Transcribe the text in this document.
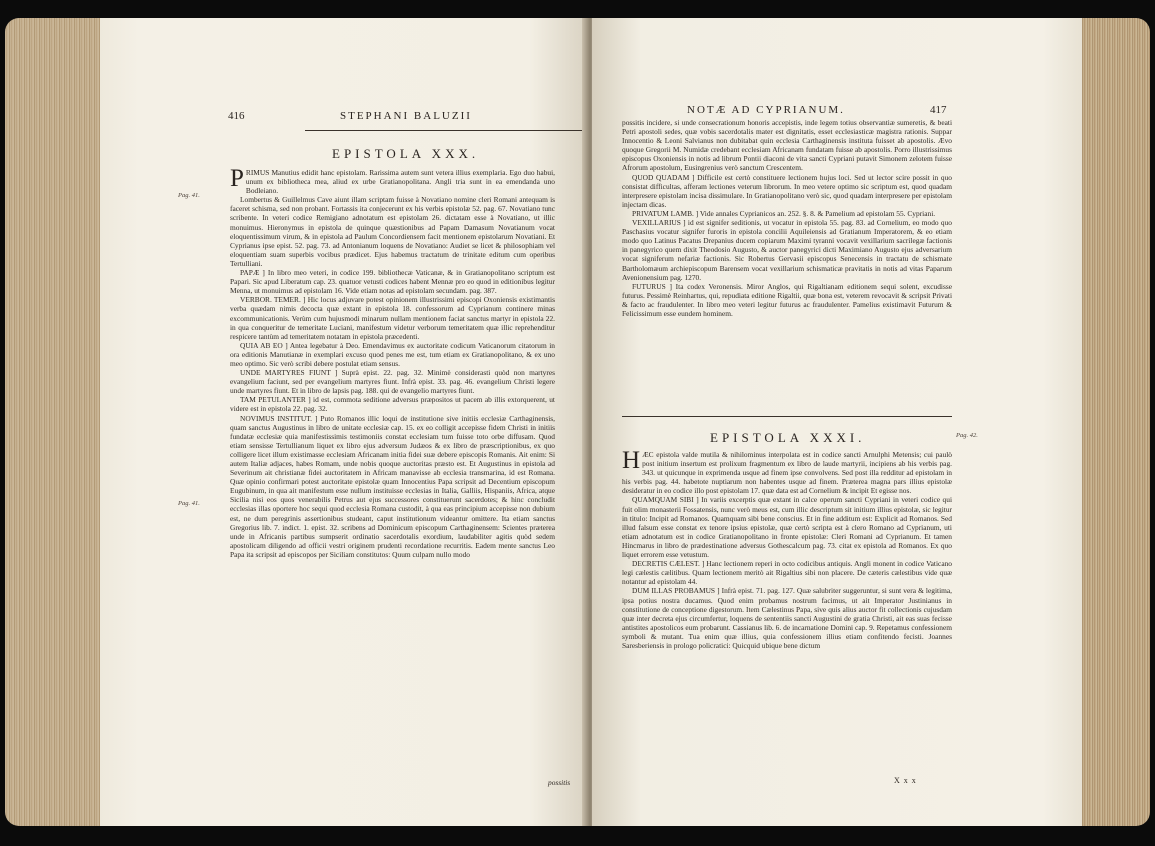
416	STEPHANI BALUZII
EPISTOLA XXX.
Pag. 41.
Pag. 41.

PRIMUS Manutius edidit hanc epistolam. Rarissima autem sunt vetera illius exemplaria. Ego duo habui, unum ex bibliotheca mea, aliud ex urbe Gratianopolitana. Angli tria sunt in ea emendanda uno Bodleiano.

Lombertus & Guillelmus Cave aiunt illam scriptam fuisse à Novatiano nomine cleri Romani antequam is faceret schisma, sed non probant. Fortassis ita conjecerunt ex his verbis epistolæ 52. pag. 67. Novatiano tunc scribente. In veteri codice Remigiano adnotatum est epistolam 26. dictatam esse à Novatiano, ut illic monuimus. Hieronymus in epistola de quinque quæstionibus ad Papam Damasum Novatianum vocat eloquentissimum virum, & in epistola ad Paulum Concordiensem facit mentionem epistolarum Novatiani. Et Cyprianus ipse epist. 52. pag. 73. ad Antonianum loquens de Novatiano: Audiet se licet & philosophiam vel eloquentiam suam superbis vocibus prædicet. Ejus habemus tractatum de trinitate editum cum operibus Tertulliani.

PAPÆ ] In libro meo veteri, in codice 199. bibliothecæ Vaticanæ, & in Gratianopolitano scriptum est Papari. Sic apud Liberatum cap. 23. quatuor vetusti codices habent Mennæ pro eo quod in editionibus legitur Menna, ut monuimus ad epistolam 16. Vide etiam notas ad epistolam secundam. pag. 387.

VERBOR. TEMER. ] Hic locus adjuvare potest opinionem illustrissimi episcopi Oxoniensis existimantis verba quædam nimis decocta quæ extant in epistola 18. confessorum ad Cyprianum continere minas excommunicationis. Verùm cum hujusmodi minarum nullam mentionem faciat sanctus martyr in epistola 22. in qua conqueritur de temeritate Luciani, manifestum videtur verborum temeritatem quæ illic reprehenditur respicere tantùm ad temeritatem notatam in epistola præcedenti.

QUIA AB EO ] Antea legebatur à Deo. Emendavimus ex auctoritate codicum Vaticanorum citatorum in ora editionis Manutianæ in exemplari excuso quod penes me est, tum etiam ex Gratianopolitano, & ex uno meo optimo. Sic verò scribi debere postulat etiam sensus.

UNDE MARTYRES FIUNT ] Suprà epist. 22. pag. 32. Minimè considerasti quòd non martyres evangelium faciunt, sed per evangelium martyres fiunt. Infrà epist. 33. pag. 46. evangelium Christi legere unde martyres fiunt. Et in libro de lapsis pag. 188. qui de evangelio martyres fiunt.

TAM PETULANTER ] id est, commota seditione adversus præpositos ut pacem ab illis extorquerent, ut videre est in epistola 22. pag. 32.

NOVIMUS INSTITUT. ] Puto Romanos illic loqui de institutione sive initiis ecclesiæ Carthaginensis, quam sanctus Augustinus in libro de unitate ecclesiæ cap. 15. ex eo colligit accepisse fidem Christi in initiis fundatæ ecclesiæ quia manifestissimis testimoniis constat ecclesiam tum fuisse toto orbe diffusam. Quod etiam sensisse Tertullianum liquet ex libro ejus adversum Judæos & ex libro de præscriptionibus, ex quo colligere licet illum existimasse ecclesiam Africanam initia fidei suæ debere episcopis Romanis. Ait enim: Si autem Italiæ adjaces, habes Romam, unde nobis quoque auctoritas præsto est. Et Augustinus in epistola ad Severinum ait christianæ fidei auctoritatem in Africam manavisse ab ecclesia transmarina, id est Romana. Quæ opinio confirmari potest auctoritate epistolæ quam Innocentius Papa scripsit ad Decentium episcopum Eugubinum, in qua ait manifestum esse nullum instituisse ecclesias in Italia, Galliis, Hispaniis, Africa, atque Sicilia nisi eos quos venerabilis Petrus aut ejus successores constituerunt sacerdotes; & hinc concludit ecclesias illas oportere hoc sequi quod ecclesia Romana custodit, à qua eas principium accepisse non dubium est, ne dum peregrinis assertionibus studeant, caput institutionum videantur omittere. Ita etiam sanctus Gregorius lib. 7. indict. 1. epist. 32. scribens ad Dominicum episcopum Carthaginensem: Scientes præterea unde in Africanis partibus sumpserit ordinatio sacerdotalis exordium, laudabiliter agitis quòd sedem apostolicam diligendo ad officii vestri originem prudenti recordatione recurritis. Eadem mente sanctus Leo Papa ita scripsit ad episcopos per Siciliam constitutos: Quum culpam nullo modo

possitis
NOTÆ AD CYPRIANUM.	417

possitis incidere, si unde consecrationum honoris accepistis, inde legem totius observantiæ sumeretis, & beati Petri apostoli sedes, quæ vobis sacerdotalis mater est dignitatis, esset ecclesiasticæ magistra rationis. Suppar Innocentio & Leoni Salvianus non dubitabat quin ecclesia Carthaginensis instituta fuisset ab apostolis. Ævo quoque Gregorii M. Numidæ credebant ecclesiam Africanam fundatam fuisse ab apostolis. Porro illustrissimus episcopus Oxoniensis in notis ad librum Pontii diaconi de vita sancti Cypriani putavit Simonem zelotem fuisse Afrorum apostolum, Eusingrenius verò sanctum Crescentem.

QUOD QUADAM ] Difficile est certò constituere lectionem hujus loci. Sed ut lector scire possit in quo consistat difficultas, afferam lectiones veterum librorum. In meo vetere optimo sic scriptum est, quod quadam interpresere epistolam incisa dissimulare. In Gratianopolitano verò sic, quod quadam interpresere per epistolam injectam dicas.

PRIVATUM LAMB. ] Vide annales Cyprianicos an. 252. §. 8. & Pamelium ad epistolam 55. Cypriani.

VEXILLARIUS ] id est signifer seditionis, ut vocatur in epistola 55. pag. 83. ad Cornelium, eo modo quo Paschasius vocatur signifer furoris in epistola concilii Aquileiensis ad Gratianum Imperatorem, & eo etiam modo quo Latinus Pacatus Drepanius ducem copiarum Maximi tyranni vocavit vexillarium sacrilegæ factionis in panegyrico quem dixit Theodosio Augusto, & auctor panegyrici dicti Maximiano Augusto ejus adversarium vocat signiferum nefariæ factionis. Sic Robertus Gervasii episcopus Senecensis in tractatu de schismate Bartholomæum archiepiscopum Barensem vocat vexillarium schismaticæ pravitatis in notis ad vitas Paparum Avenionensium pag. 1270.

FUTURUS ] Ita codex Veronensis. Miror Anglos, qui Rigaltianam editionem sequi solent, excudisse futurus. Pessimè Reinhartus, qui, repudiata editione Rigaltii, quæ bona est, veterem revocavit & scripsit Privati & facto ac fraudulenter. In libro meo veteri legitur futurus ac fraudulenter. Pamelius existimavit Futurum & Felicissimum esse eundem hominem.

EPISTOLA XXXI.	Pag. 42.

HÆC epistola valde mutila & nihilominus interpolata est in codice sancti Arnulphi Metensis; cui paulò post initium insertum est prolixum fragmentum ex libro de laude martyrii, incipiens ab his verbis pag. 343. ut quicunque in exprimenda usque ad finem ipse convolvens. Sed post illa redditur ad epistolam in his verbis pag. 44. habetote nuptiarum non habentes usque ad finem. Præterea magna pars illius epistolæ desideratur in eo codice illo post epistolam 17. quæ data est ad Cornelium & incipit Et egisse nos.

QUAMQUAM SIBI ] In variis excerptis quæ extant in calce operum sancti Cypriani in veteri codice qui fuit olim monasterii Fossatensis, nunc verò meus est, cum illic descriptum sit initium illius epistolæ, sic legitur in titulo: Incipit ad Romanos. Quamquam sibi bene conscius. Et in fine additum est: Explicit ad Romanos. Sed illud falsum esse constat ex tenore ipsius epistolæ, quæ certò scripta est à clero Romano ad Cyprianum, uti etiam adnotatum est in codice Gratianopolitano in fronte epistolæ: Cleri Romani ad Cyprianum. Et tamen Hincmarus in libro de prædestinatione adversus Gothescalcum pag. 73. citat ex epistola ad Romanos. Ex quo liquet errorem esse vetustum.

DECRETIS CÆLEST. ] Hanc lectionem reperi in octo codicibus antiquis. Angli monent in codice Vaticano legi cælestis cælitibus. Quam lectionem meritò ait Rigaltius sibi non placere. De cæteris cælestibus vide quæ notantur ad epistolam 44.

DUM ILLAS PROBAMUS ] Infrà epist. 71. pag. 127. Quæ salubriter suggeruntur, si sunt vera & legitima, ipsa potius nostra ducamus. Quod enim probamus nostrum facimus, ut ait Imperator Justinianus in constitutione de conceptione digestorum. Item Cælestinus Papa, sive quis alius auctor fit collectionis cujusdam quæ inter decreta ejus circumfertur, loquens de sententiis sancti Augustini de gratia Christi, ait eas suas fecisse antistites apostolicos eum probarunt. Cassianus lib. 6. de incarnatione Domini cap. 9. Repetamus confessionem symboli & mutant. Tua enim quæ illius, quia confessionem illius etiam confitendo fecisti. Joannes Saresberiensis in prologo policratici: Quicquid ubique bene dictum

X x x
